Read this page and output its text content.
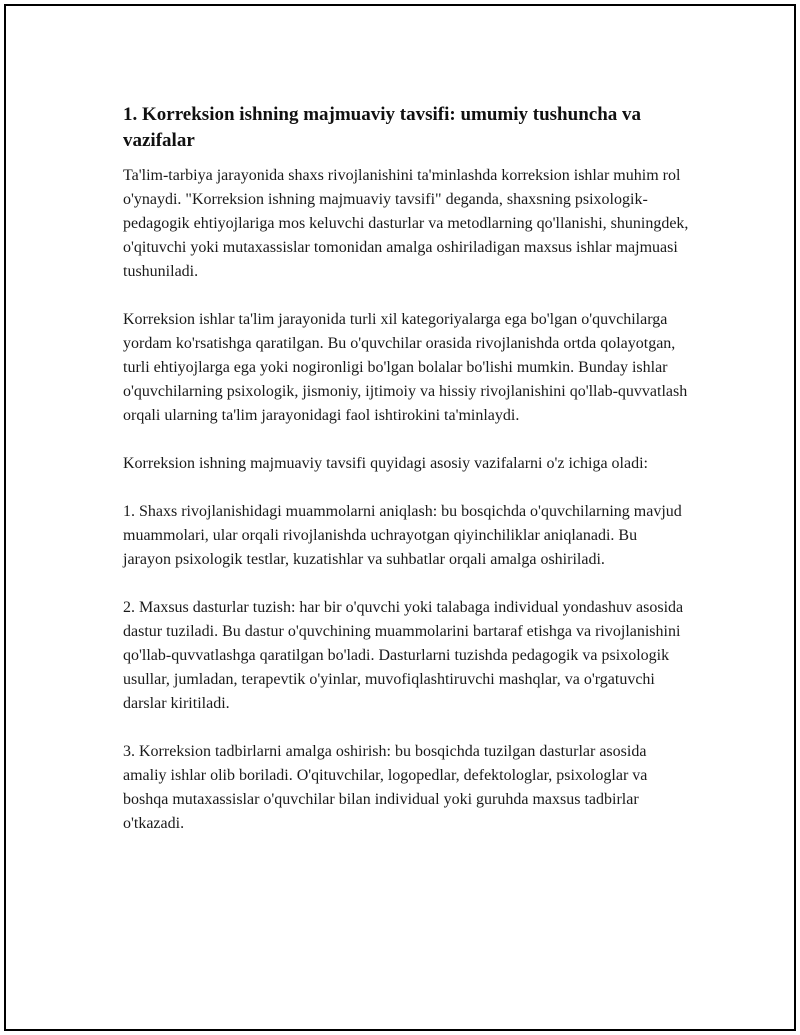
1. Korreksion ishning majmuaviy tavsifi: umumiy tushuncha va vazifalar

Ta'lim-tarbiya jarayonida shaxs rivojlanishini ta'minlashda korreksion ishlar muhim rol o'ynaydi. "Korreksion ishning majmuaviy tavsifi" deganda, shaxsning psixologik-pedagogik ehtiyojlariga mos keluvchi dasturlar va metodlarning qo'llanishi, shuningdek, o'qituvchi yoki mutaxassislar tomonidan amalga oshiriladigan maxsus ishlar majmuasi tushuniladi.

Korreksion ishlar ta'lim jarayonida turli xil kategoriyalarga ega bo'lgan o'quvchilarga yordam ko'rsatishga qaratilgan. Bu o'quvchilar orasida rivojlanishda ortda qolayotgan, turli ehtiyojlarga ega yoki nogironligi bo'lgan bolalar bo'lishi mumkin. Bunday ishlar o'quvchilarning psixologik, jismoniy, ijtimoiy va hissiy rivojlanishini qo'llab-quvvatlash orqali ularning ta'lim jarayonidagi faol ishtirokini ta'minlaydi.

Korreksion ishning majmuaviy tavsifi quyidagi asosiy vazifalarni o'z ichiga oladi:

1. Shaxs rivojlanishidagi muammolarni aniqlash: bu bosqichda o'quvchilarning mavjud muammolari, ular orqali rivojlanishda uchrayotgan qiyinchiliklar aniqlanadi. Bu jarayon psixologik testlar, kuzatishlar va suhbatlar orqali amalga oshiriladi.

2. Maxsus dasturlar tuzish: har bir o'quvchi yoki talabaga individual yondashuv asosida dastur tuziladi. Bu dastur o'quvchining muammolarini bartaraf etishga va rivojlanishini qo'llab-quvvatlashga qaratilgan bo'ladi. Dasturlarni tuzishda pedagogik va psixologik usullar, jumladan, terapevtik o'yinlar, muvofiqlashtiruvchi mashqlar, va o'rgatuvchi darslar kiritiladi.

3. Korreksion tadbirlarni amalga oshirish: bu bosqichda tuzilgan dasturlar asosida amaliy ishlar olib boriladi. O'qituvchilar, logopedlar, defektologlar, psixologlar va boshqa mutaxassislar o'quvchilar bilan individual yoki guruhda maxsus tadbirlar o'tkazadi.
